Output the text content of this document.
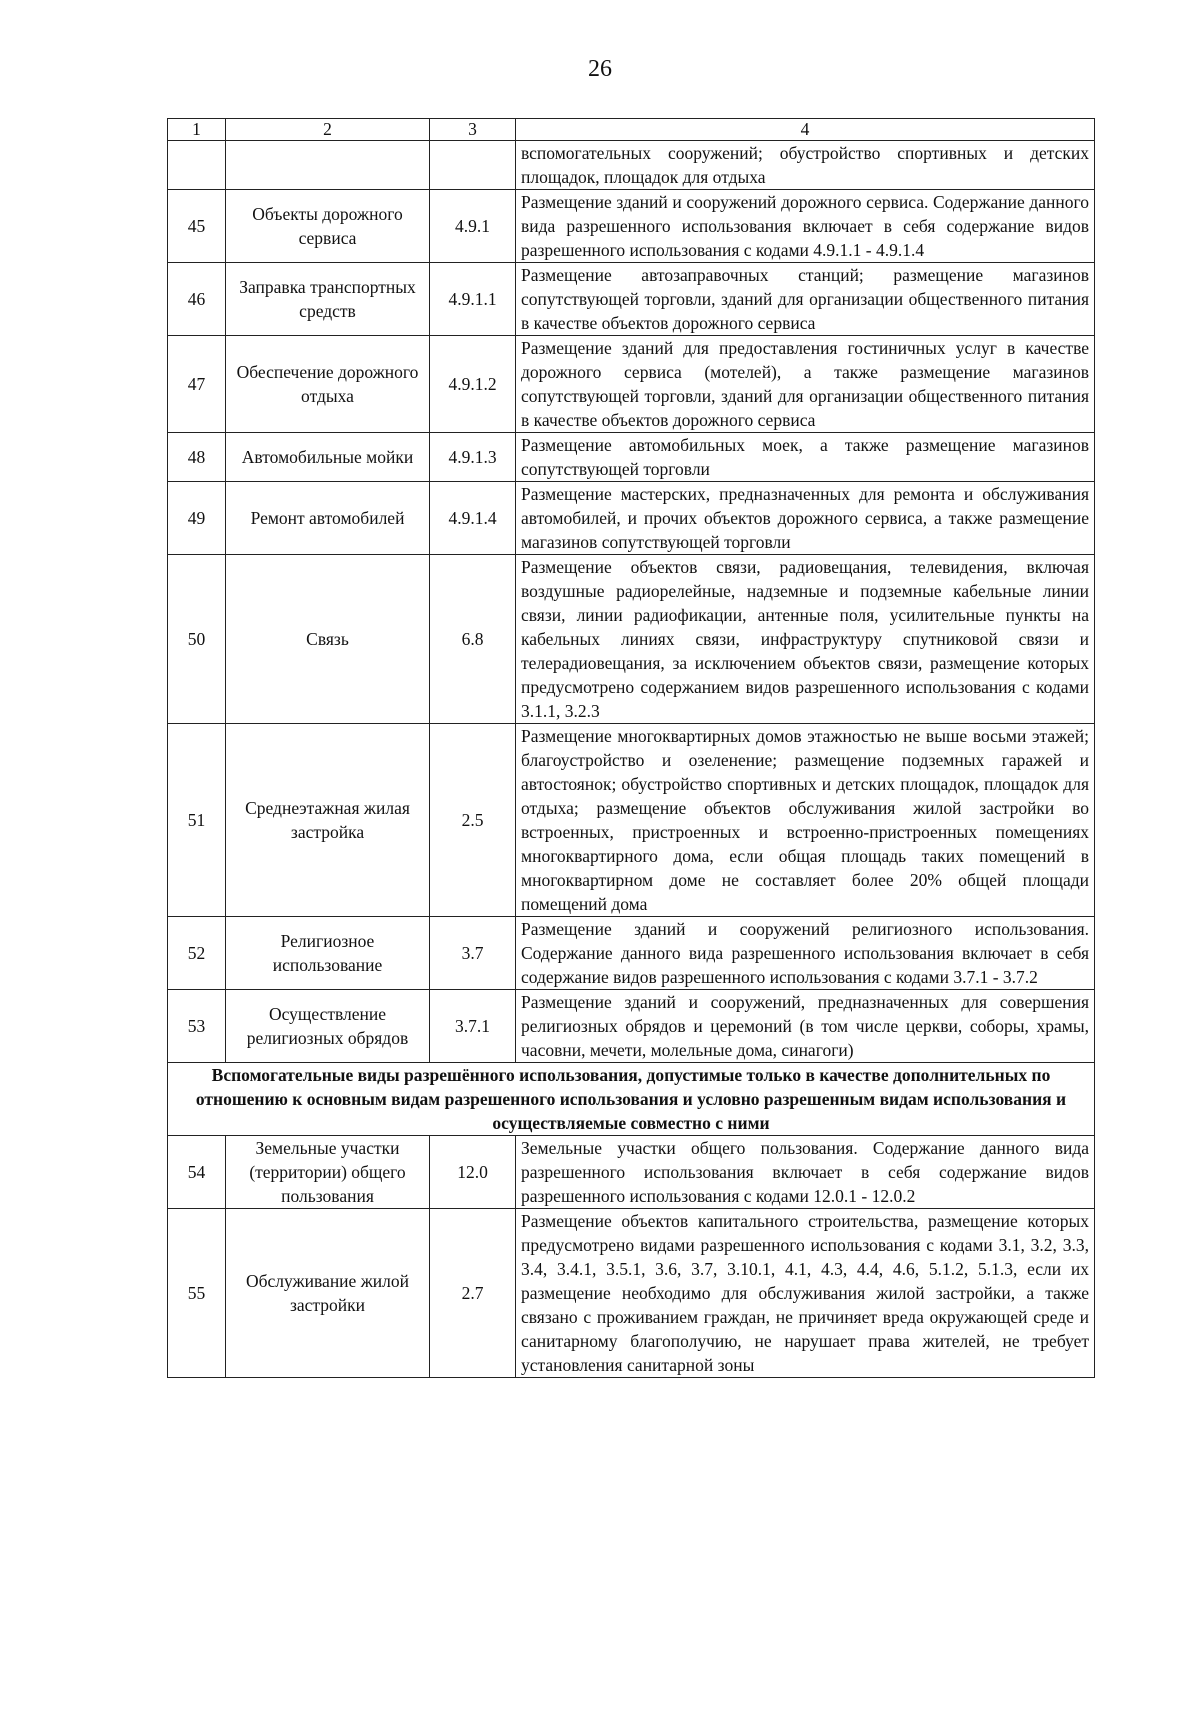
26
1	2	3	4
			вспомогательных сооружений; обустройство спортивных и детских площадок, площадок для отдыха
45	Объекты дорожного сервиса	4.9.1	Размещение зданий и сооружений дорожного сервиса. Содержание данного вида разрешенного использования включает в себя содержание видов разрешенного использования с кодами 4.9.1.1 - 4.9.1.4
46	Заправка транспортных средств	4.9.1.1	Размещение автозаправочных станций; размещение магазинов сопутствующей торговли, зданий для организации общественного питания в качестве объектов дорожного сервиса
47	Обеспечение дорожного отдыха	4.9.1.2	Размещение зданий для предоставления гостиничных услуг в качестве дорожного сервиса (мотелей), а также размещение магазинов сопутствующей торговли, зданий для организации общественного питания в качестве объектов дорожного сервиса
48	Автомобильные мойки	4.9.1.3	Размещение автомобильных моек, а также размещение магазинов сопутствующей торговли
49	Ремонт автомобилей	4.9.1.4	Размещение мастерских, предназначенных для ремонта и обслуживания автомобилей, и прочих объектов дорожного сервиса, а также размещение магазинов сопутствующей торговли
50	Связь	6.8	Размещение объектов связи, радиовещания, телевидения, включая воздушные радиорелейные, надземные и подземные кабельные линии связи, линии радиофикации, антенные поля, усилительные пункты на кабельных линиях связи, инфраструктуру спутниковой связи и телерадиовещания, за исключением объектов связи, размещение которых предусмотрено содержанием видов разрешенного использования с кодами 3.1.1, 3.2.3
51	Среднеэтажная жилая застройка	2.5	Размещение многоквартирных домов этажностью не выше восьми этажей; благоустройство и озеленение; размещение подземных гаражей и автостоянок; обустройство спортивных и детских площадок, площадок для отдыха; размещение объектов обслуживания жилой застройки во встроенных, пристроенных и встроенно-пристроенных помещениях многоквартирного дома, если общая площадь таких помещений в многоквартирном доме не составляет более 20% общей площади помещений дома
52	Религиозное использование	3.7	Размещение зданий и сооружений религиозного использования. Содержание данного вида разрешенного использования включает в себя содержание видов разрешенного использования с кодами 3.7.1 - 3.7.2
53	Осуществление религиозных обрядов	3.7.1	Размещение зданий и сооружений, предназначенных для совершения религиозных обрядов и церемоний (в том числе церкви, соборы, храмы, часовни, мечети, молельные дома, синагоги)
Вспомогательные виды разрешённого использования, допустимые только в качестве дополнительных по отношению к основным видам разрешенного использования и условно разрешенным видам использования и осуществляемые совместно с ними			
54	Земельные участки (территории) общего пользования	12.0	Земельные участки общего пользования. Содержание данного вида разрешенного использования включает в себя содержание видов разрешенного использования с кодами 12.0.1 - 12.0.2
55	Обслуживание жилой застройки	2.7	Размещение объектов капитального строительства, размещение которых предусмотрено видами разрешенного использования с кодами 3.1, 3.2, 3.3, 3.4, 3.4.1, 3.5.1, 3.6, 3.7, 3.10.1, 4.1, 4.3, 4.4, 4.6, 5.1.2, 5.1.3, если их размещение необходимо для обслуживания жилой застройки, а также связано с проживанием граждан, не причиняет вреда окружающей среде и санитарному благополучию, не нарушает права жителей, не требует установления санитарной зоны
